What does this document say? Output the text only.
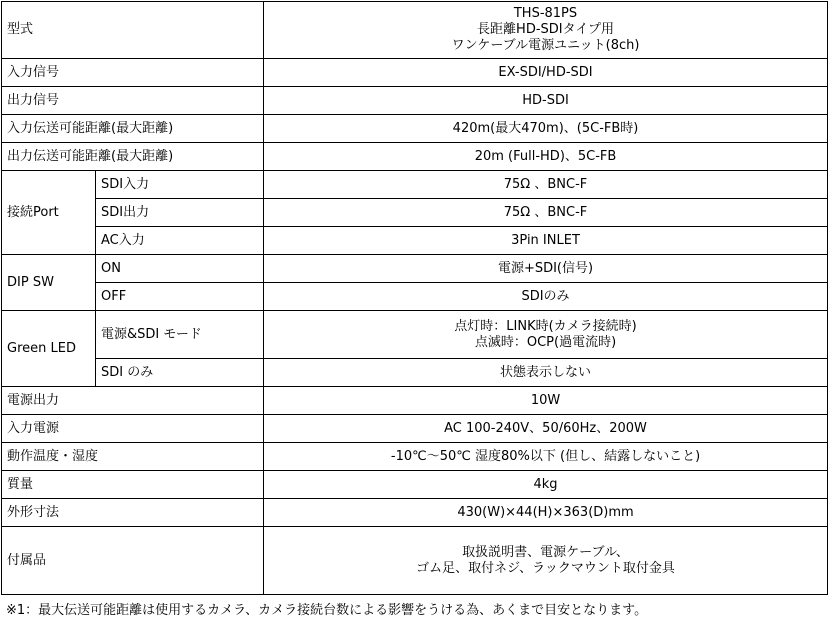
型式		THS-81PS
長距離HD-SDIタイプ用
ワンケーブル電源ユニット(8ch)

入力信号		EX-SDI/HD-SDI
出力信号		HD-SDI
入力伝送可能距離(最大距離)		420m(最大470m)、(5C-FB時)
出力伝送可能距離(最大距離)		20m (Full-HD)、5C-FB
接続Port	SDI入力	75Ω 、BNC-F
	SDI出力	75Ω 、BNC-F
	AC入力	3Pin INLET
DIP SW	ON	電源+SDI(信号)
	OFF	SDIのみ
Green LED	電源&SDI モード	点灯時：LINK時(カメラ接続時)
点滅時：OCP(過電流時)

	SDI のみ	状態表示しない
電源出力		10W
入力電源		AC 100-240V、50/60Hz、200W
動作温度・湿度		-10℃～50℃ 湿度80%以下 (但し、結露しないこと)
質量		4kg
外形寸法		430(W)×44(H)×363(D)mm
付属品		取扱説明書、電源ケーブル、
ゴム足、取付ネジ、ラックマウント取付金具
※1：最大伝送可能距離は使用するカメラ、カメラ接続台数による影響をうける為、あくまで目安となります。
